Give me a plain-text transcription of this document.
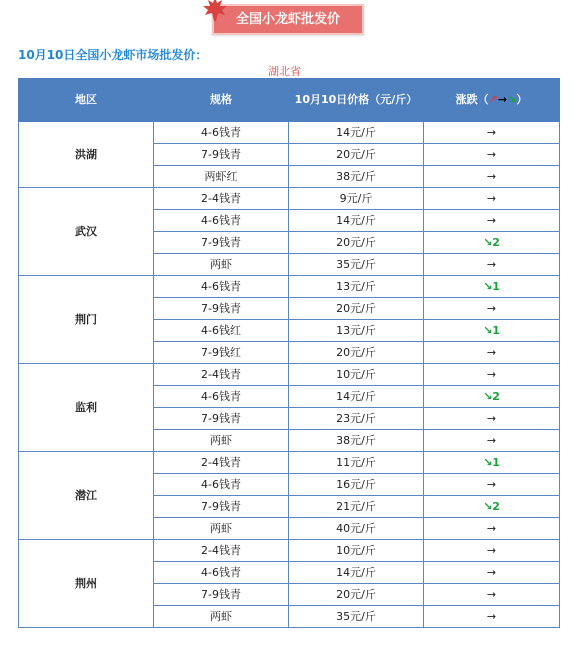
全国小龙虾批发价
10月10日全国小龙虾市场批发价：
湖北省
地区	规格	10月10日价格（元/斤）	涨跌（↗→↘）
洪湖	4-6钱青	14元/斤	→
	7-9钱青	20元/斤	→
	两虾红	38元/斤	→
武汉	2-4钱青	9元/斤	→
	4-6钱青	14元/斤	→
	7-9钱青	20元/斤	↘2
	两虾	35元/斤	→
荆门	4-6钱青	13元/斤	↘1
	7-9钱青	20元/斤	→
	4-6钱红	13元/斤	↘1
	7-9钱红	20元/斤	→
监利	2-4钱青	10元/斤	→
	4-6钱青	14元/斤	↘2
	7-9钱青	23元/斤	→
	两虾	38元/斤	→
潜江	2-4钱青	11元/斤	↘1
	4-6钱青	16元/斤	→
	7-9钱青	21元/斤	↘2
	两虾	40元/斤	→
荆州	2-4钱青	10元/斤	→
	4-6钱青	14元/斤	→
	7-9钱青	20元/斤	→
	两虾	35元/斤	→
